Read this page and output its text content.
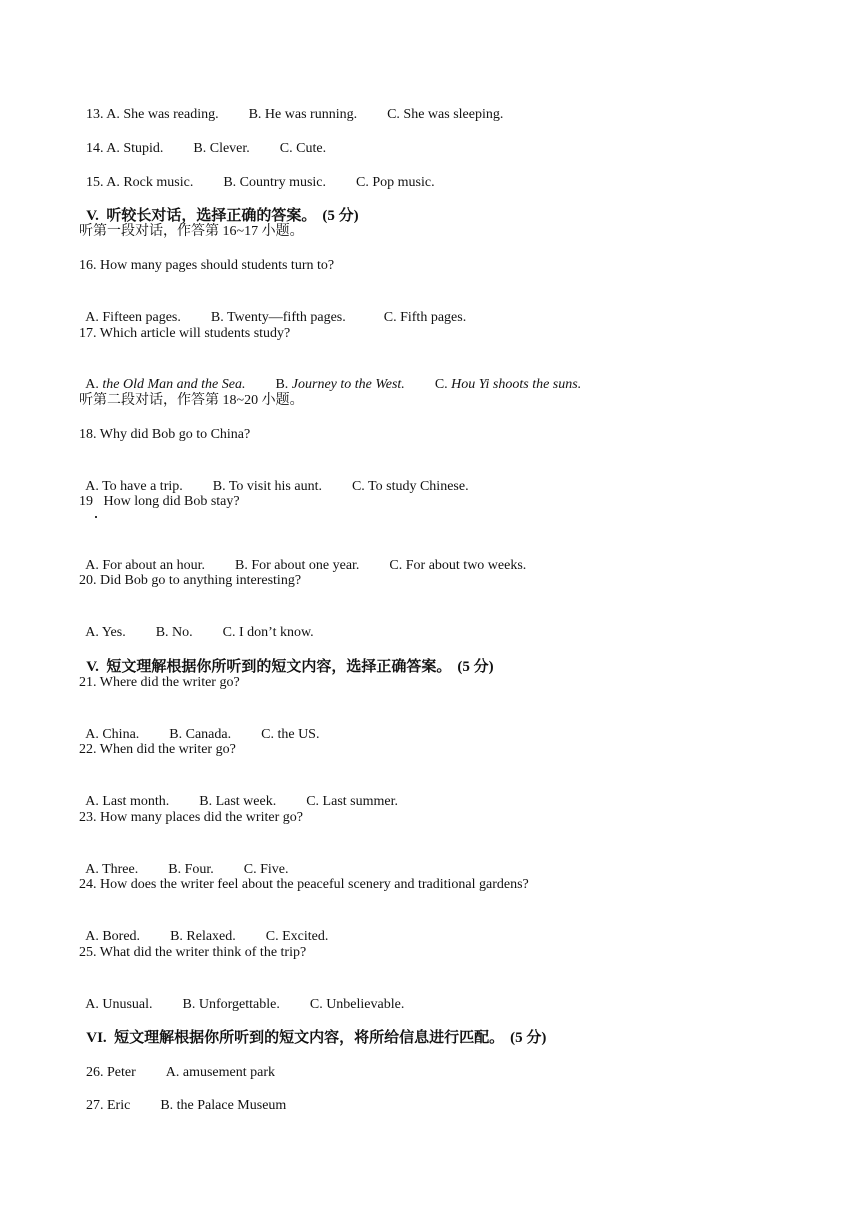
13. A. She was reading. B. He was running. C. She was sleeping.

14. A. Stupid. B. Clever. C. Cute.

15. A. Rock music. B. Country music. C. Pop music.

V.  听较长对话，选择正确的答案。 (5 分)

听第一段对话，作答第 16~17 小题。
16. How many pages should students turn to?

A. Fifteen pages. B. Twenty—fifth pages.	C. Fifth pages.

17. Which article will students study?

A. the Old Man and the Sea. B. Journey to the West. C. Hou Yi shoots the suns.

听第二段对话，作答第 18~20 小题。
18. Why did Bob go to China?

A. To have a trip. B. To visit his aunt. C. To study Chinese.

19   How long did Bob stay?

A. For about an hour. B. For about one year. C. For about two weeks.

20. Did Bob go to anything interesting?

A. Yes. B. No. C. I don’t know.

V.  短文理解根据你所听到的短文内容，选择正确答案。 (5 分)

21. Where did the writer go?

A. China. B. Canada. C. the US.

22. When did the writer go?

A. Last month. B. Last week. C. Last summer.

23. How many places did the writer go?

A. Three. B. Four. C. Five.

24. How does the writer feel about the peaceful scenery and traditional gardens?

A. Bored. B. Relaxed. C. Excited.

25. What did the writer think of the trip?

A. Unusual. B. Unforgettable. C. Unbelievable.

VI.  短文理解根据你所听到的短文内容，将所给信息进行匹配。 (5 分)

26. Peter A. amusement park

27. Eric B. the Palace Museum
